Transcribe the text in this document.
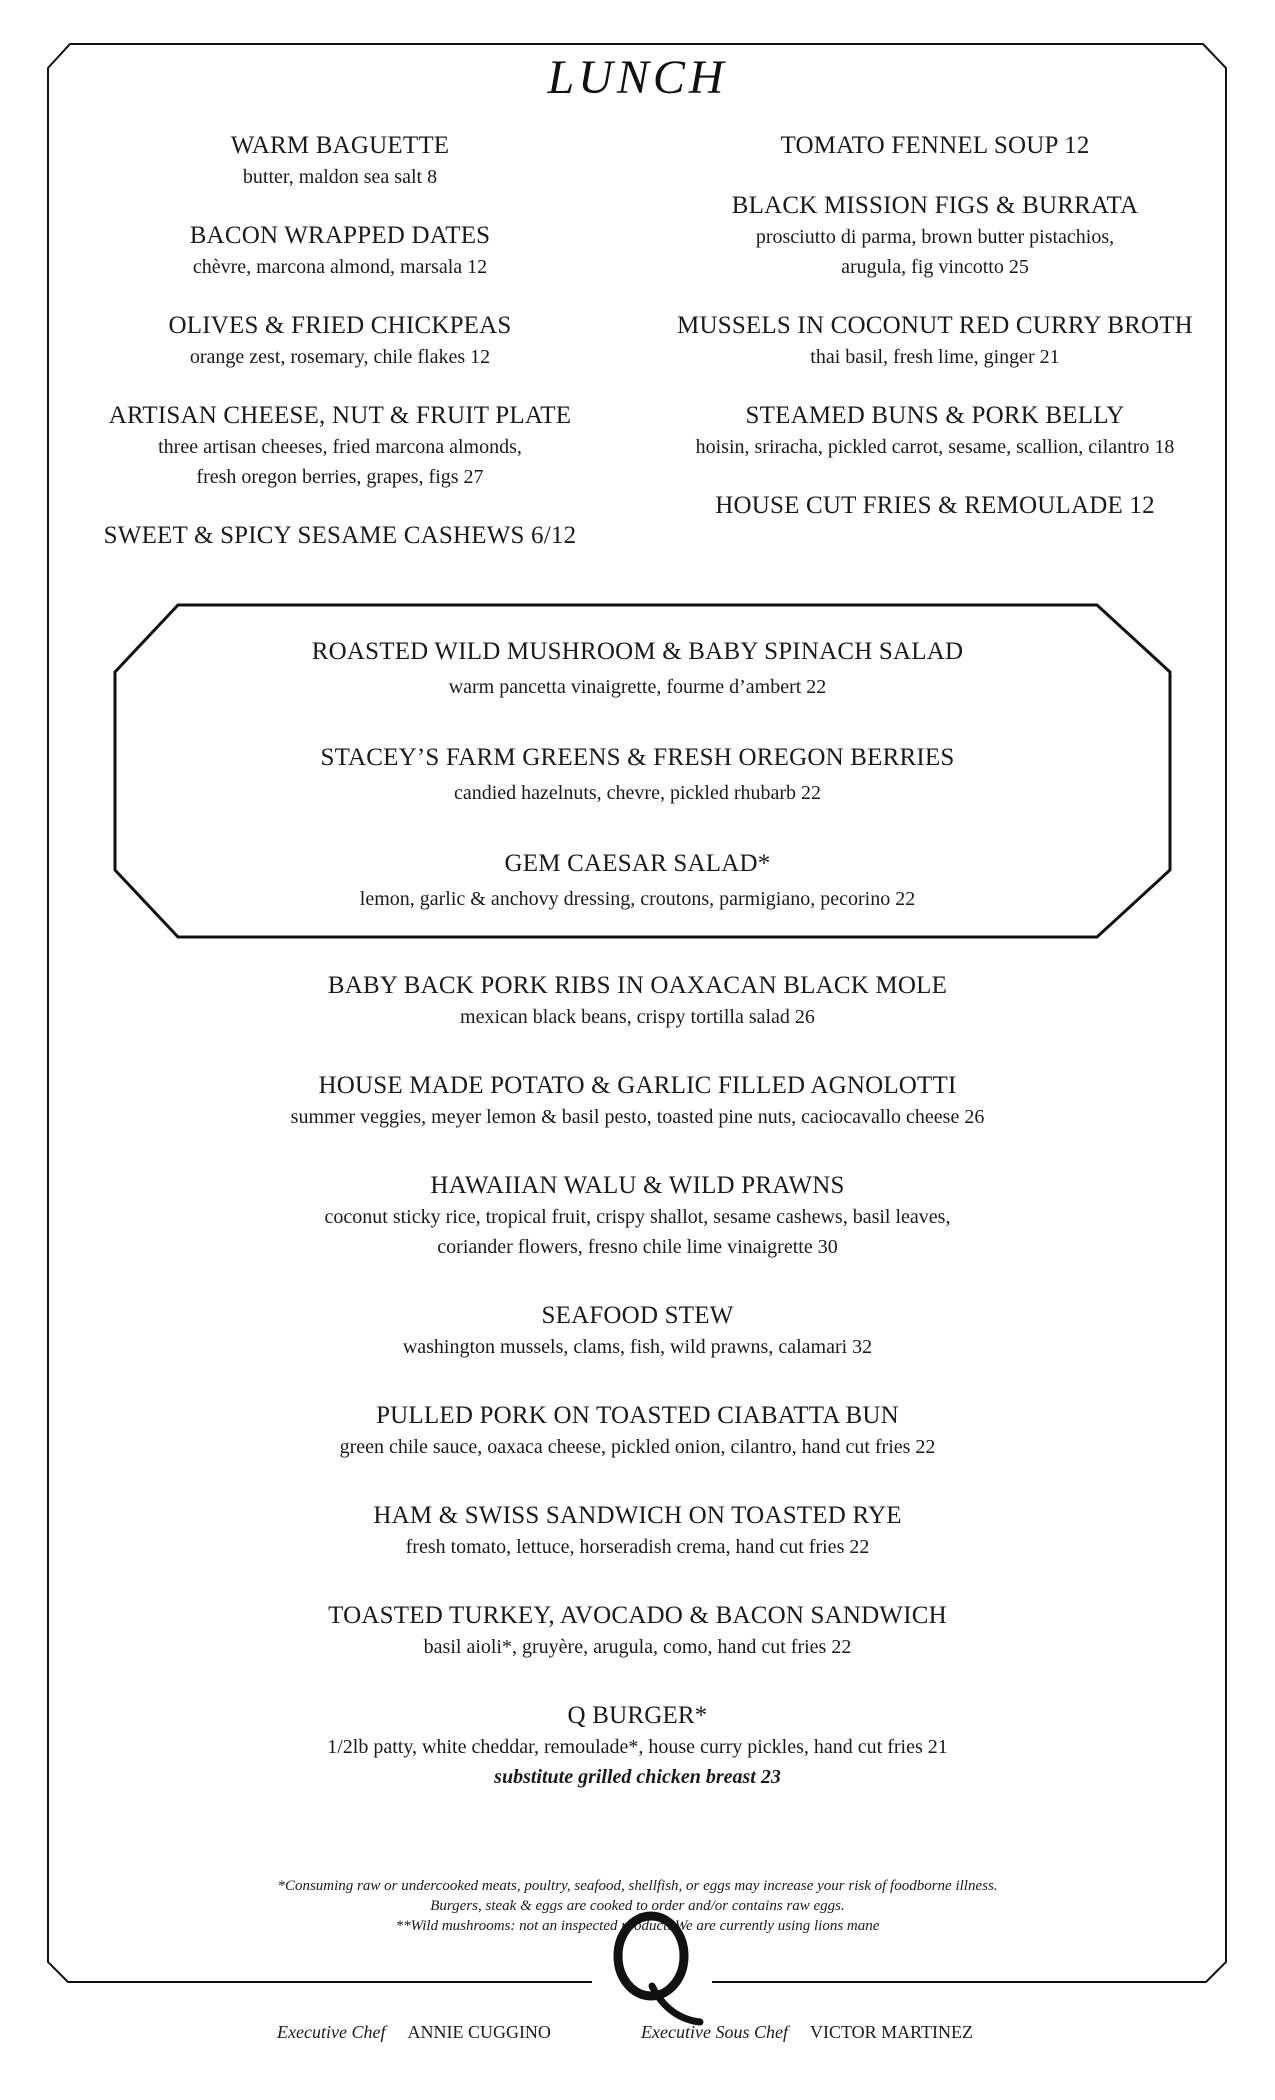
LUNCH
WARM BAGUETTE
butter, maldon sea salt 8
BACON WRAPPED DATES
chèvre, marcona almond, marsala 12
OLIVES & FRIED CHICKPEAS
orange zest, rosemary, chile flakes 12
ARTISAN CHEESE, NUT & FRUIT PLATE
three artisan cheeses, fried marcona almonds,
fresh oregon berries, grapes, figs 27
SWEET & SPICY SESAME CASHEWS 6/12
TOMATO FENNEL SOUP 12
BLACK MISSION FIGS & BURRATA
prosciutto di parma, brown butter pistachios,
arugula, fig vincotto 25
MUSSELS IN COCONUT RED CURRY BROTH
thai basil, fresh lime, ginger 21
STEAMED BUNS & PORK BELLY
hoisin, sriracha, pickled carrot, sesame, scallion, cilantro 18
HOUSE CUT FRIES & REMOULADE 12
ROASTED WILD MUSHROOM & BABY SPINACH SALAD
warm pancetta vinaigrette, fourme d’ambert 22
STACEY’S FARM GREENS & FRESH OREGON BERRIES
candied hazelnuts, chevre, pickled rhubarb 22
GEM CAESAR SALAD*
lemon, garlic & anchovy dressing, croutons, parmigiano, pecorino 22
BABY BACK PORK RIBS IN OAXACAN BLACK MOLE
mexican black beans, crispy tortilla salad 26
HOUSE MADE POTATO & GARLIC FILLED AGNOLOTTI
summer veggies, meyer lemon & basil pesto, toasted pine nuts, caciocavallo cheese 26
HAWAIIAN WALU & WILD PRAWNS
coconut sticky rice, tropical fruit, crispy shallot, sesame cashews, basil leaves,
coriander flowers, fresno chile lime vinaigrette 30
SEAFOOD STEW
washington mussels, clams, fish, wild prawns, calamari 32
PULLED PORK ON TOASTED CIABATTA BUN
green chile sauce, oaxaca cheese, pickled onion, cilantro, hand cut fries 22
HAM & SWISS SANDWICH ON TOASTED RYE
fresh tomato, lettuce, horseradish crema, hand cut fries 22
TOASTED TURKEY, AVOCADO & BACON SANDWICH
basil aioli*, gruyère, arugula, como, hand cut fries 22
Q BURGER*
1/2lb patty, white cheddar, remoulade*, house curry pickles, hand cut fries 21
substitute grilled chicken breast 23
*Consuming raw or undercooked meats, poultry, seafood, shellfish, or eggs may increase your risk of foodborne illness.
Burgers, steak & eggs are cooked to order and/or contains raw eggs.
**Wild mushrooms: not an inspected product. We are currently using lions mane
Executive Chef ANNIE CUGGINO	Executive Sous Chef VICTOR MARTINEZ
